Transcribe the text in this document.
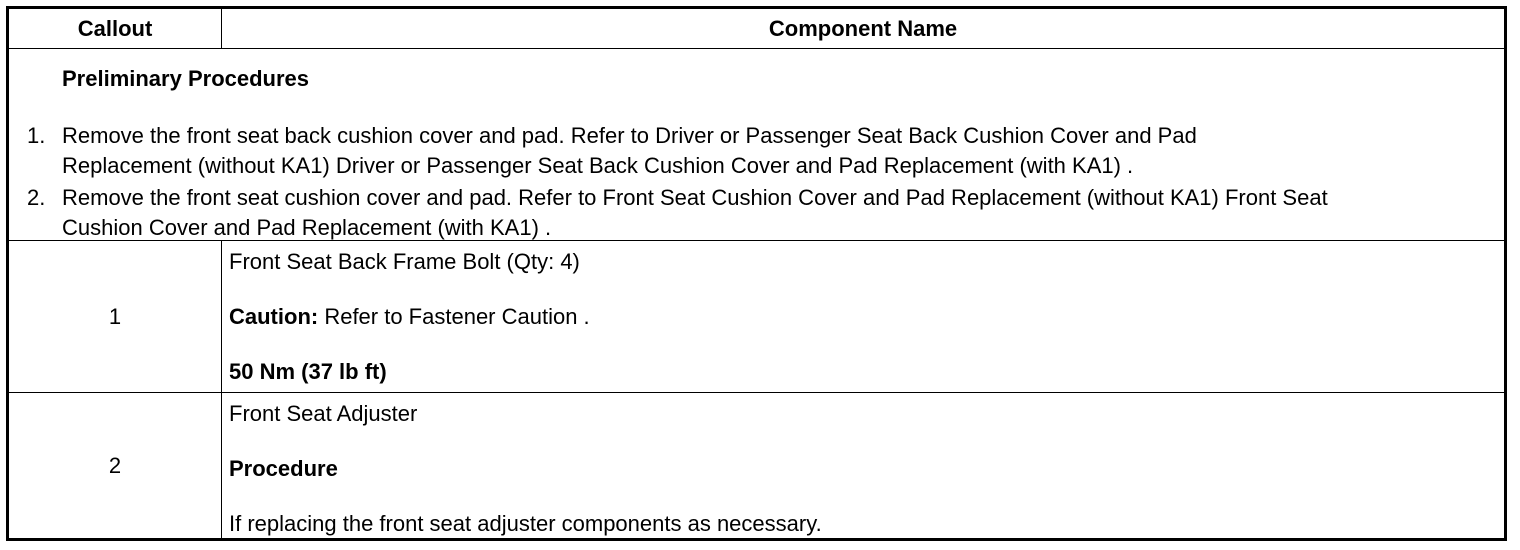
Callout	Component Name
Preliminary Procedures
1. Remove the front seat back cushion cover and pad. Refer to Driver or Passenger Seat Back Cushion Cover and Pad
Replacement (without KA1) Driver or Passenger Seat Back Cushion Cover and Pad Replacement (with KA1) .
2. Remove the front seat cushion cover and pad. Refer to Front Seat Cushion Cover and Pad Replacement (without KA1) Front Seat
Cushion Cover and Pad Replacement (with KA1) .
1
Front Seat Back Frame Bolt (Qty: 4)
Caution: Refer to Fastener Caution .
50 Nm (37 lb ft)
2
Front Seat Adjuster
Procedure
If replacing the front seat adjuster components as necessary.
